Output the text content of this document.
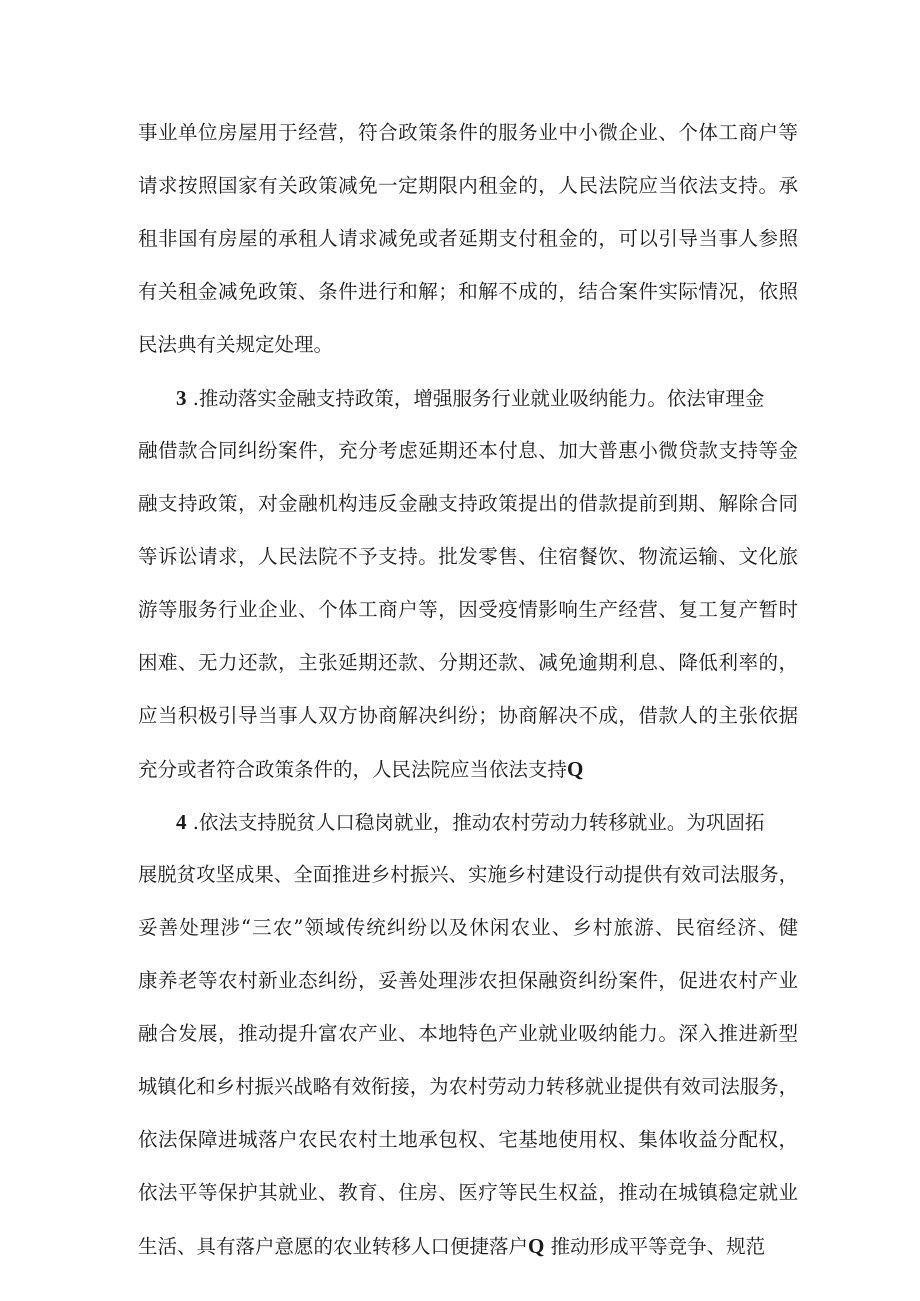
事业单位房屋用于经营，符合政策条件的服务业中小微企业、个体工商户等
请求按照国家有关政策减免一定期限内租金的，人民法院应当依法支持。承
租非国有房屋的承租人请求减免或者延期支付租金的，可以引导当事人参照
有关租金减免政策、条件进行和解；和解不成的，结合案件实际情况，依照
民法典有关规定处理。
3 .推动落实金融支持政策，增强服务行业就业吸纳能力。依法审理金
融借款合同纠纷案件，充分考虑延期还本付息、加大普惠小微贷款支持等金
融支持政策，对金融机构违反金融支持政策提出的借款提前到期、解除合同
等诉讼请求，人民法院不予支持。批发零售、住宿餐饮、物流运输、文化旅
游等服务行业企业、个体工商户等，因受疫情影响生产经营、复工复产暂时
困难、无力还款，主张延期还款、分期还款、减免逾期利息、降低利率的，
应当积极引导当事人双方协商解决纠纷；协商解决不成，借款人的主张依据
充分或者符合政策条件的，人民法院应当依法支持Q
4 .依法支持脱贫人口稳岗就业，推动农村劳动力转移就业。为巩固拓
展脱贫攻坚成果、全面推进乡村振兴、实施乡村建设行动提供有效司法服务，
妥善处理涉“三农”领域传统纠纷以及休闲农业、乡村旅游、民宿经济、健
康养老等农村新业态纠纷，妥善处理涉农担保融资纠纷案件，促进农村产业
融合发展，推动提升富农产业、本地特色产业就业吸纳能力。深入推进新型
城镇化和乡村振兴战略有效衔接，为农村劳动力转移就业提供有效司法服务，
依法保障进城落户农民农村土地承包权、宅基地使用权、集体收益分配权，
依法平等保护其就业、教育、住房、医疗等民生权益，推动在城镇稳定就业
生活、具有落户意愿的农业转移人口便捷落户Q 推动形成平等竞争、规范
